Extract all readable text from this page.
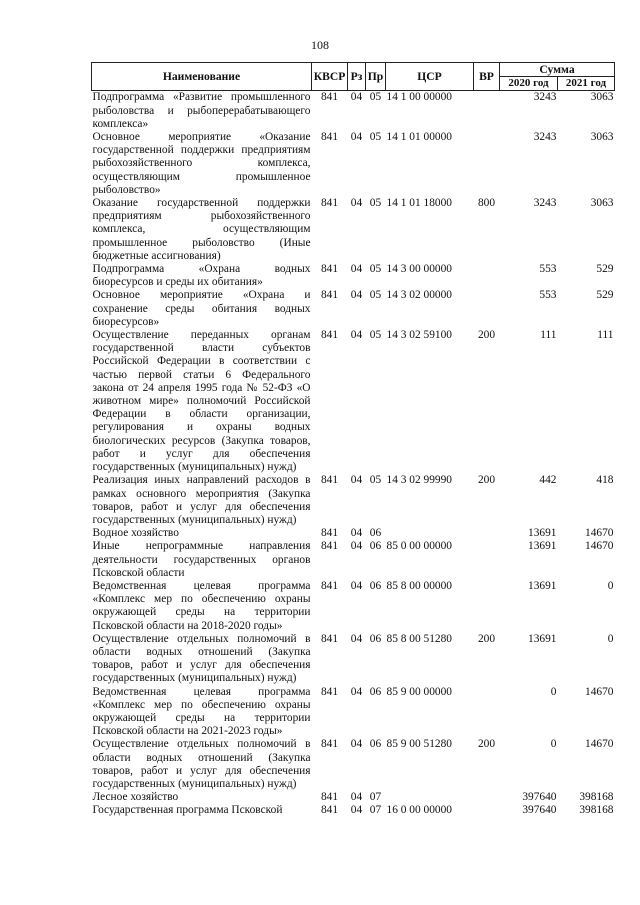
108
Наименование	КВСР	Рз	Пр	ЦСР	ВР	Сумма	
						2020 год	2021 год
Подпрограмма «Развитие промышленного рыболовства и рыбоперерабатывающего комплекса»	841	04	05	14 1 00 00000		3243	3063
Основное мероприятие «Оказание государственной поддержки предприятиям рыбохозяйственного комплекса, осуществляющим промышленное рыболовство»	841	04	05	14 1 01 00000		3243	3063
Оказание государственной поддержки предприятиям рыбохозяйственного комплекса, осуществляющим промышленное рыболовство (Иные бюджетные ассигнования)	841	04	05	14 1 01 18000	800	3243	3063
Подпрограмма «Охрана водных биоресурсов и среды их обитания»	841	04	05	14 3 00 00000		553	529
Основное мероприятие «Охрана и сохранение среды обитания водных биоресурсов»	841	04	05	14 3 02 00000		553	529
Осуществление переданных органам государственной власти субъектов Российской Федерации в соответствии с частью первой статьи 6 Федерального закона от 24 апреля 1995 года № 52-ФЗ «О животном мире» полномочий Российской Федерации в области организации, регулирования и охраны водных биологических ресурсов (Закупка товаров, работ и услуг для обеспечения государственных (муниципальных) нужд)	841	04	05	14 3 02 59100	200	111	111
Реализация иных направлений расходов в рамках основного мероприятия (Закупка товаров, работ и услуг для обеспечения государственных (муниципальных) нужд)	841	04	05	14 3 02 99990	200	442	418
Водное хозяйство	841	04	06			13691	14670
Иные непрограммные направления деятельности государственных органов Псковской области	841	04	06	85 0 00 00000		13691	14670
Ведомственная целевая программа «Комплекс мер по обеспечению охраны окружающей среды на территории Псковской области на 2018-2020 годы»	841	04	06	85 8 00 00000		13691	0
Осуществление отдельных полномочий в области водных отношений (Закупка товаров, работ и услуг для обеспечения государственных (муниципальных) нужд)	841	04	06	85 8 00 51280	200	13691	0
Ведомственная целевая программа «Комплекс мер по обеспечению охраны окружающей среды на территории Псковской области на 2021-2023 годы»	841	04	06	85 9 00 00000		0	14670
Осуществление отдельных полномочий в области водных отношений (Закупка товаров, работ и услуг для обеспечения государственных (муниципальных) нужд)	841	04	06	85 9 00 51280	200	0	14670
Лесное хозяйство	841	04	07			397640	398168
Государственная программа Псковской	841	04	07	16 0 00 00000		397640	398168
